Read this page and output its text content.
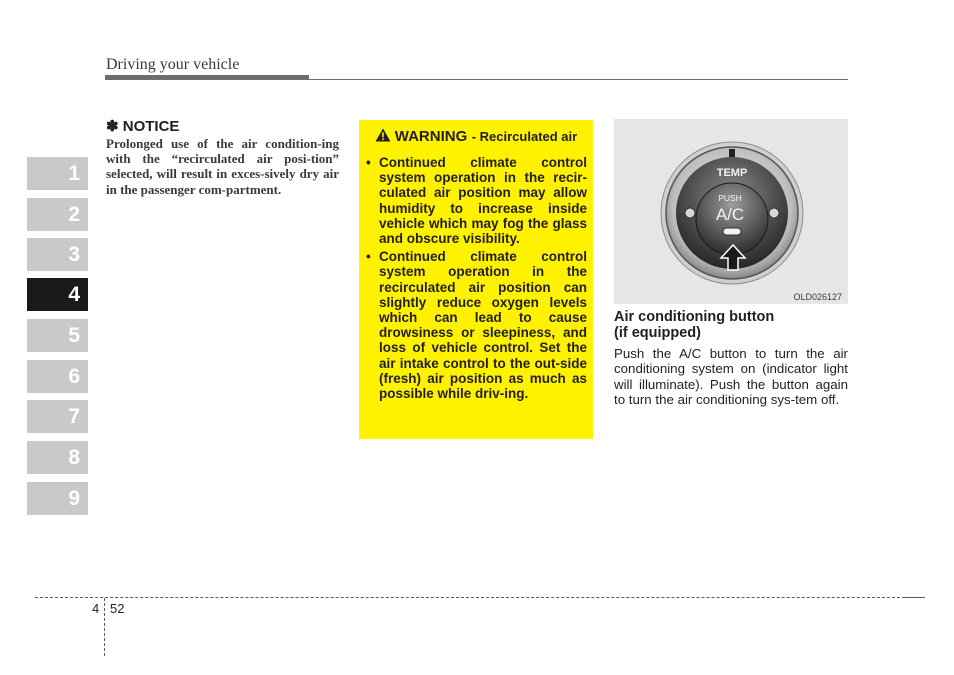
Driving your vehicle
1
2
3
4
5
6
7
8
9
✽ NOTICE
Prolonged use of the air condition-ing with the “recirculated air posi-tion” selected, will result in exces-sively dry air in the passenger com-partment.
WARNING - Recirculated air
• Continued climate control system operation in the recir-culated air position may allow humidity to increase inside vehicle which may fog the glass and obscure visibility.
• Continued climate control system operation in the recirculated air position can slightly reduce oxygen levels which can lead to cause drowsiness or sleepiness, and loss of vehicle control. Set the air intake control to the out-side (fresh) air position as much as possible while driv-ing.
TEMP
PUSH
A/C
OLD026127
Air conditioning button
(if equipped)
Push the A/C button to turn the air conditioning system on (indicator light will illuminate). Push the button again to turn the air conditioning sys-tem off.
4 52
